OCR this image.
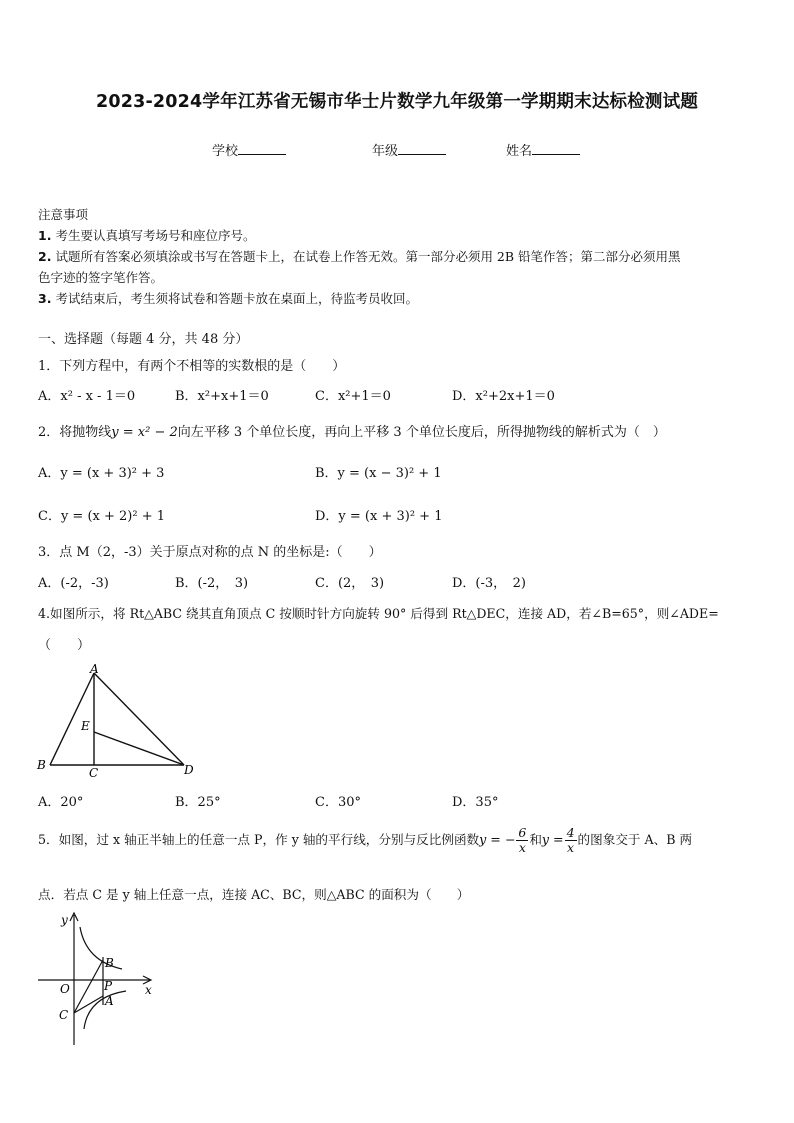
2023-2024学年江苏省无锡市华士片数学九年级第一学期期末达标检测试题
学校	年级	姓名
注意事项
1. 考生要认真填写考场号和座位序号。
2. 试题所有答案必须填涂或书写在答题卡上，在试卷上作答无效。第一部分必须用 2B 铅笔作答；第二部分必须用黑
色字迹的签字笔作答。
3. 考试结束后，考生须将试卷和答题卡放在桌面上，待监考员收回。
一、选择题（每题 4 分，共 48 分）
1．下列方程中，有两个不相等的实数根的是（　　）
A．x² - x - 1＝0	B．x²+x+1＝0	C．x²+1＝0	D．x²+2x+1＝0
2．将抛物线y = x² − 2向左平移 3 个单位长度，再向上平移 3 个单位长度后，所得抛物线的解析式为（　）
A．y = (x + 3)² + 3	B．y = (x − 3)² + 1
C．y = (x + 2)² + 1	D．y = (x + 3)² + 1
3．点 M（2，-3）关于原点对称的点 N 的坐标是:（　　）
A．(-2，-3)	B．(-2，　3)	C．(2，　3)	D．(-3，　2)
4.如图所示，将 Rt△ABC 绕其直角顶点 C 按顺时针方向旋转 90° 后得到 Rt△DEC，连接 AD，若∠B=65°，则∠ADE=
（　　）
A
B
C	D
E
A．20°	B．25°	C．30°	D．35°
5．如图，过 x 轴正半轴上的任意一点 P，作 y 轴的平行线，分别与反比例函数y = − $\frac{6}{x}$ 和$y = \frac{4}{x}$ 的图象交于 A、B 两
点．若点 C 是 y 轴上任意一点，连接 AC、BC，则△ABC 的面积为（　　）
y
x
O
B
P
A
C
